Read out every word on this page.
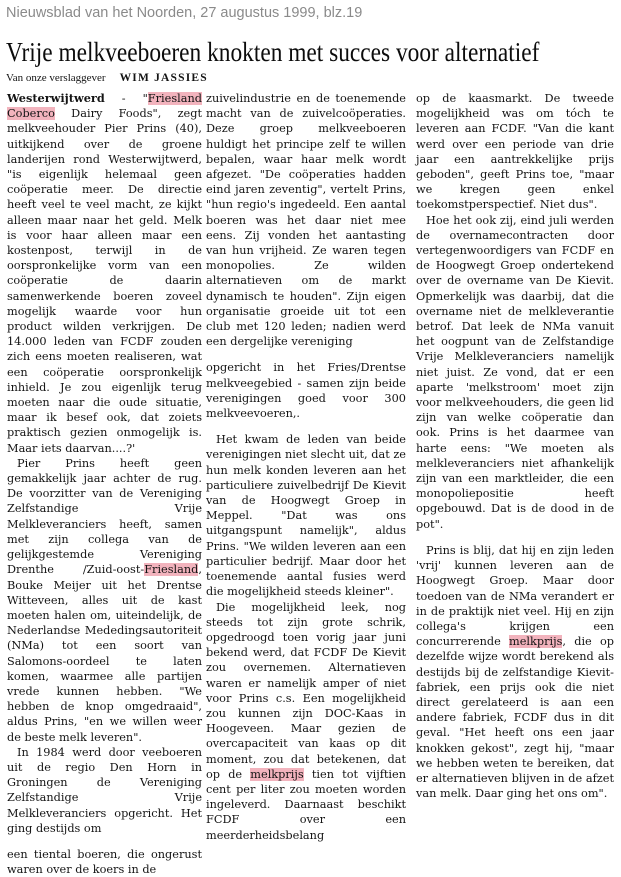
Nieuwsblad van het Noorden, 27 augustus 1999, blz.19
Vrije melkveeboeren knokten met succes voor alternatief
Van onze verslaggever WIM JASSIES

Westerwijtwerd - "Friesland Coberco Dairy Foods", zegt melkveehouder Pier Prins (40), uitkijkend over de groene landerijen rond Westerwijtwerd, "is eigenlijk helemaal geen coöperatie meer. De directie heeft veel te veel macht, ze kijkt alleen maar naar het geld. Melk is voor haar alleen maar een kostenpost, terwijl in de oorspronkelijke vorm van een coöperatie de daarin samenwerkende boeren zoveel mogelijk waarde voor hun product wilden verkrijgen. De 14.000 leden van FCDF zouden zich eens moeten realiseren, wat een coöperatie oorspronkelijk inhield. Je zou eigenlijk terug moeten naar die oude situatie, maar ik besef ook, dat zoiets praktisch gezien onmogelijk is. Maar iets daarvan....?'

Pier Prins heeft geen gemakkelijk jaar achter de rug. De voorzitter van de Vereniging Zelfstandige Vrije Melkleveranciers heeft, samen met zijn collega van de gelijkgestemde Vereniging Drenthe /Zuid-oost-Friesland, Bouke Meijer uit het Drentse Witteveen, alles uit de kast moeten halen om, uiteindelijk, de Nederlandse Mededingsautoriteit (NMa) tot een soort van Salomons-oordeel te laten komen, waarmee alle partijen vrede kunnen hebben. "We hebben de knop omgedraaid", aldus Prins, "en we willen weer de beste melk leveren".

In 1984 werd door veeboeren uit de regio Den Horn in Groningen de Vereniging Zelfstandige Vrije Melkleveranciers opgericht. Het ging destijds om

een tiental boeren, die ongerust waren over de koers in de

zuivelindustrie en de toenemende macht van de zuivelcoöperaties. Deze groep melkveeboeren huldigt het principe zelf te willen bepalen, waar haar melk wordt afgezet. "De coöperaties hadden eind jaren zeventig", vertelt Prins, "hun regio's ingedeeld. Een aantal boeren was het daar niet mee eens. Zij vonden het aantasting van hun vrijheid. Ze waren tegen monopolies. Ze wilden alternatieven om de markt dynamisch te houden". Zijn eigen organisatie groeide uit tot een club met 120 leden; nadien werd een dergelijke vereniging

opgericht in het Fries/Drentse melkveegebied - samen zijn beide verenigingen goed voor 300 melkveevoeren,.

Het kwam de leden van beide verenigingen niet slecht uit, dat ze hun melk konden leveren aan het particuliere zuivelbedrijf De Kievit van de Hoogwegt Groep in Meppel. "Dat was ons uitgangspunt namelijk", aldus Prins. "We wilden leveren aan een particulier bedrijf. Maar door het toenemende aantal fusies werd die mogelijkheid steeds kleiner".

Die mogelijkheid leek, nog steeds tot zijn grote schrik, opgedroogd toen vorig jaar juni bekend werd, dat FCDF De Kievit zou overnemen. Alternatieven waren er namelijk amper of niet voor Prins c.s. Een mogelijkheid zou kunnen zijn DOC-Kaas in Hoogeveen. Maar gezien de overcapaciteit van kaas op dit moment, zou dat betekenen, dat op de melkprijs tien tot vijftien cent per liter zou moeten worden ingeleverd. Daarnaast beschikt FCDF over een meerderheidsbelang

op de kaasmarkt. De tweede mogelijkheid was om tóch te leveren aan FCDF. "Van die kant werd over een periode van drie jaar een aantrekkelijke prijs geboden", geeft Prins toe, "maar we kregen geen enkel toekomstperspectief. Niet dus".

Hoe het ook zij, eind juli werden de overnamecontracten door vertegenwoordigers van FCDF en de Hoogwegt Groep ondertekend over de overname van De Kievit. Opmerkelijk was daarbij, dat die overname niet de melkleverantie betrof. Dat leek de NMa vanuit het oogpunt van de Zelfstandige Vrije Melkleveranciers namelijk niet juist. Ze vond, dat er een aparte 'melkstroom' moet zijn voor melkveehouders, die geen lid zijn van welke coöperatie dan ook. Prins is het daarmee van harte eens: "We moeten als melkleveranciers niet afhankelijk zijn van een marktleider, die een monopoliepositie heeft opgebouwd. Dat is de dood in de pot".

Prins is blij, dat hij en zijn leden 'vrij' kunnen leveren aan de Hoogwegt Groep. Maar door toedoen van de NMa verandert er in de praktijk niet veel. Hij en zijn collega's krijgen een concurrerende melkprijs, die op dezelfde wijze wordt berekend als destijds bij de zelfstandige Kievit-fabriek, een prijs ook die niet direct gerelateerd is aan een andere fabriek, FCDF dus in dit geval. "Het heeft ons een jaar knokken gekost", zegt hij, "maar we hebben weten te bereiken, dat er alternatieven blijven in de afzet van melk. Daar ging het ons om".
